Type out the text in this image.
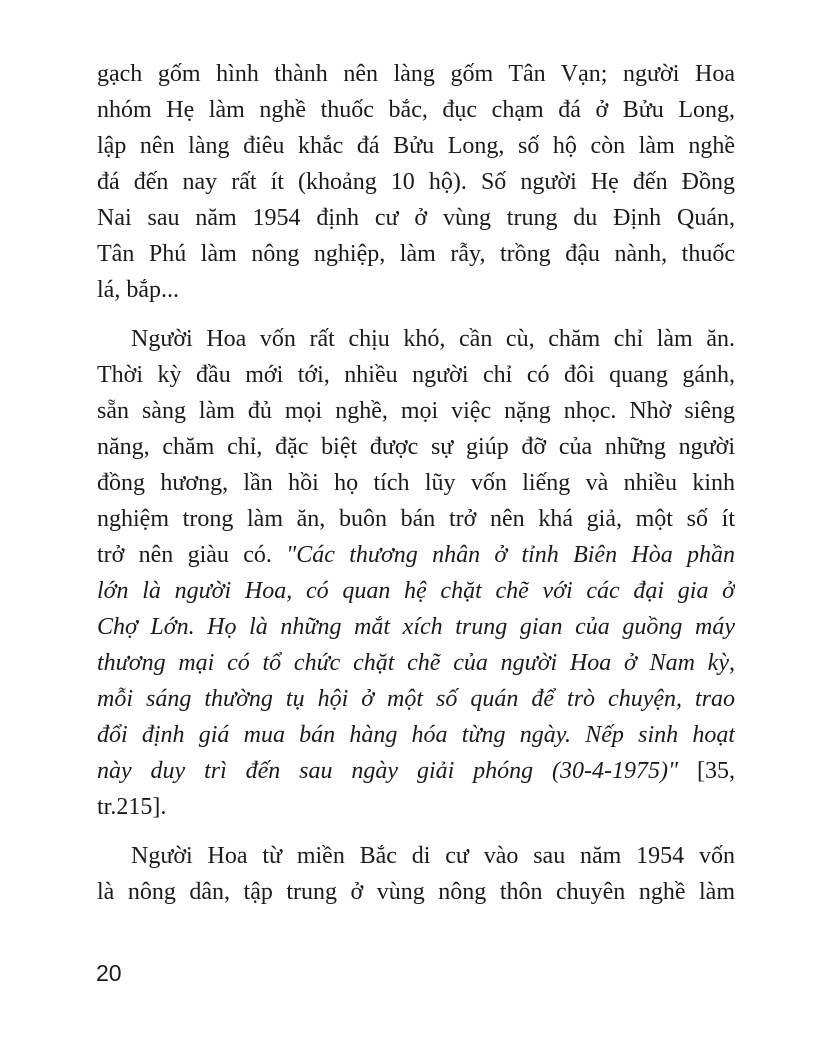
gạch gốm hình thành nên làng gốm Tân Vạn; người Hoa
nhóm Hẹ làm nghề thuốc bắc, đục chạm đá ở Bửu Long,
lập nên làng điêu khắc đá Bửu Long, số hộ còn làm nghề
đá đến nay rất ít (khoảng 10 hộ). Số người Hẹ đến Đồng
Nai sau năm 1954 định cư ở vùng trung du Định Quán,
Tân Phú làm nông nghiệp, làm rẫy, trồng đậu nành, thuốc
lá, bắp...
Người Hoa vốn rất chịu khó, cần cù, chăm chỉ làm ăn.
Thời kỳ đầu mới tới, nhiều người chỉ có đôi quang gánh,
sẵn sàng làm đủ mọi nghề, mọi việc nặng nhọc. Nhờ siêng
năng, chăm chỉ, đặc biệt được sự giúp đỡ của những người
đồng hương, lần hồi họ tích lũy vốn liếng và nhiều kinh
nghiệm trong làm ăn, buôn bán trở nên khá giả, một số ít
trở nên giàu có. "Các thương nhân ở tỉnh Biên Hòa phần
lớn là người Hoa, có quan hệ chặt chẽ với các đại gia ở
Chợ Lớn. Họ là những mắt xích trung gian của guồng máy
thương mại có tổ chức chặt chẽ của người Hoa ở Nam kỳ,
mỗi sáng thường tụ hội ở một số quán để trò chuyện, trao
đổi định giá mua bán hàng hóa từng ngày. Nếp sinh hoạt
này duy trì đến sau ngày giải phóng (30-4-1975)" [35,
tr.215].
Người Hoa từ miền Bắc di cư vào sau năm 1954 vốn
là nông dân, tập trung ở vùng nông thôn chuyên nghề làm
20
